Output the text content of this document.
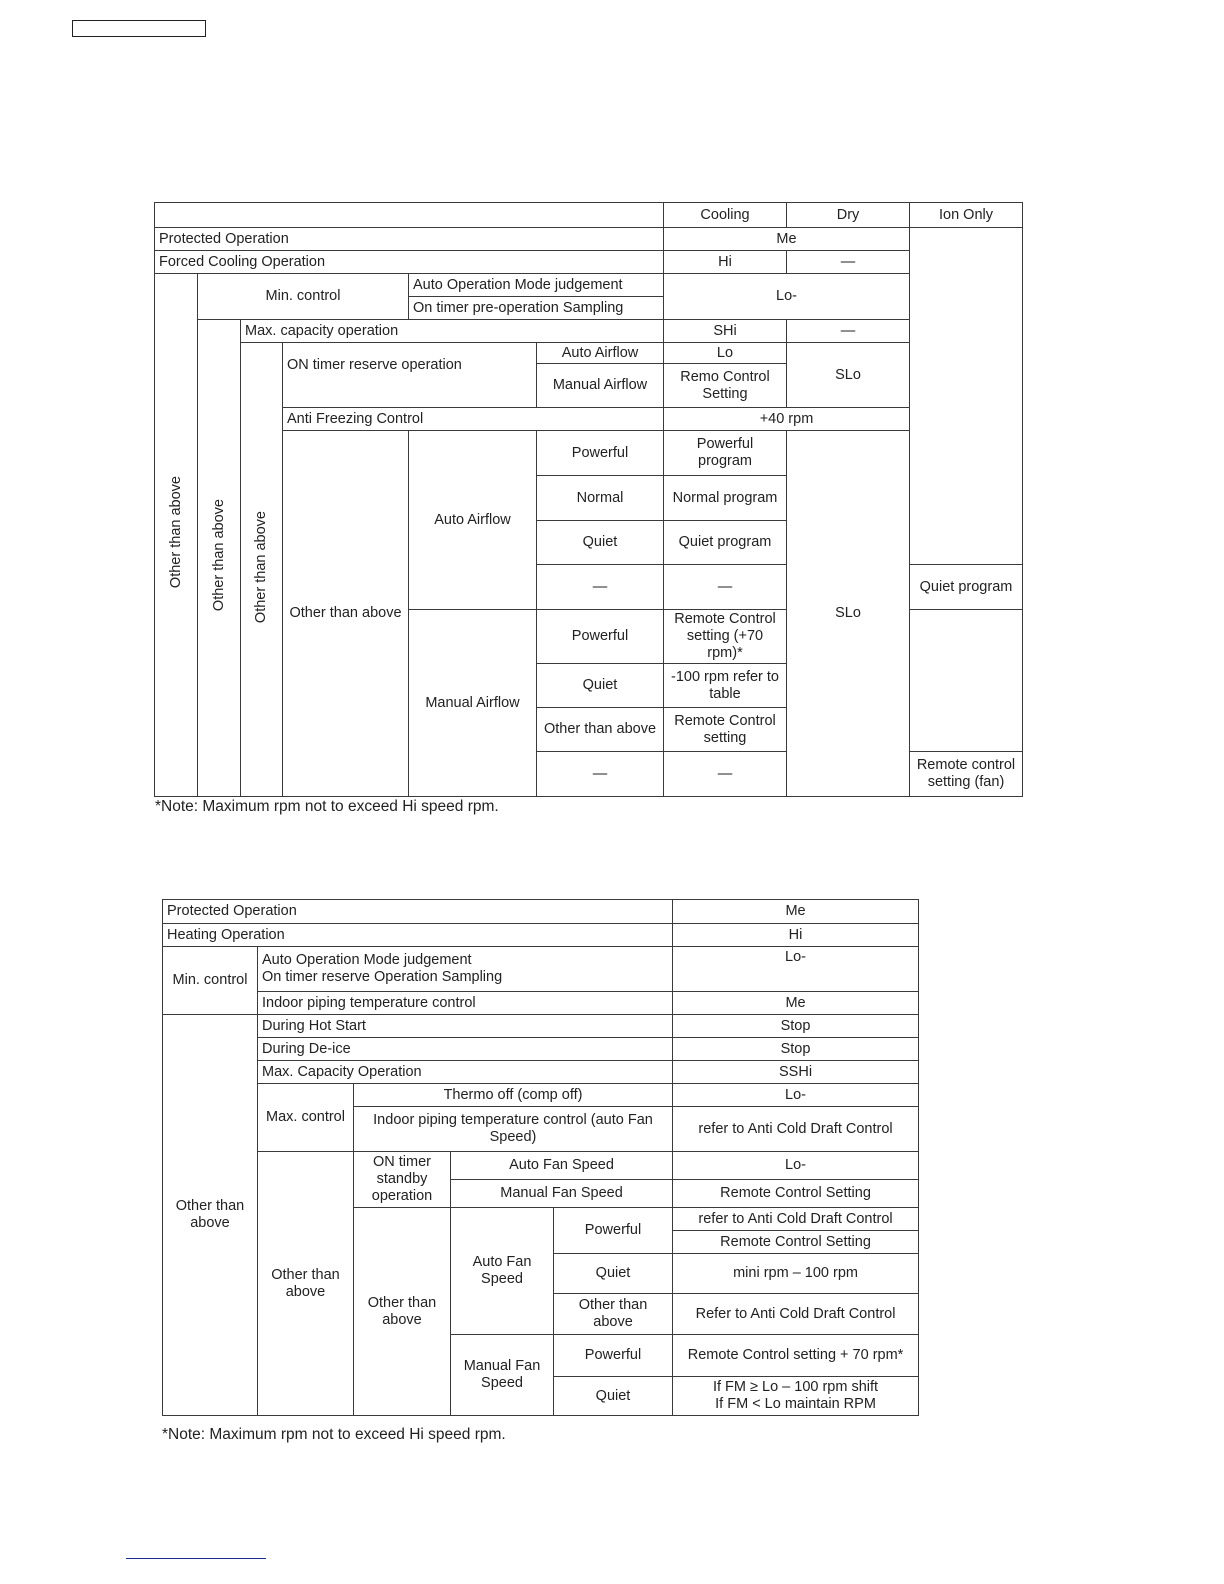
						Cooling	Dry	Ion Only
Protected Operation						Me		
Forced Cooling Operation						Hi	—	
Other than above	Min. control			Auto Operation Mode judgement		Lo-		
				On timer pre-operation Sampling				
	Other than above	Max. capacity operation				SHi	—	
		Other than above	ON timer reserve operation		Auto Airflow	Lo	SLo	
					Manual Airflow	Remo Control Setting		
			Anti Freezing Control			+40 rpm		
			Other than above	Auto Airflow	Powerful	Powerful program	SLo	
					Normal	Normal program		
					Quiet	Quiet program		
					—	—		Quiet program
				Manual Airflow	Powerful	Remote Control setting (+70 rpm)*		
					Quiet	-100 rpm refer to table		
					Other than above	Remote Control setting		
					—	—		Remote control setting (fan)
*Note: Maximum rpm not to exceed Hi speed rpm.
Protected Operation					Me
Heating Operation					Hi
Min. control	Auto Operation Mode judgement
On timer reserve Operation Sampling				Lo-
	Indoor piping temperature control				Me
Other than above	During Hot Start				Stop
	During De-ice				Stop
	Max. Capacity Operation				SSHi
	Max. control	Thermo off (comp off)			Lo-
		Indoor piping temperature control (auto Fan Speed)			refer to Anti Cold Draft Control
	Other than above	ON timer standby operation	Auto Fan Speed		Lo-
			Manual Fan Speed		Remote Control Setting
		Other than above	Auto Fan Speed	Powerful	refer to Anti Cold Draft Control
					Remote Control Setting
				Quiet	mini rpm – 100 rpm
				Other than above	Refer to Anti Cold Draft Control
			Manual Fan Speed	Powerful	Remote Control setting + 70 rpm*
				Quiet	If FM ≥ Lo – 100 rpm shift
If FM < Lo maintain RPM
*Note: Maximum rpm not to exceed Hi speed rpm.
